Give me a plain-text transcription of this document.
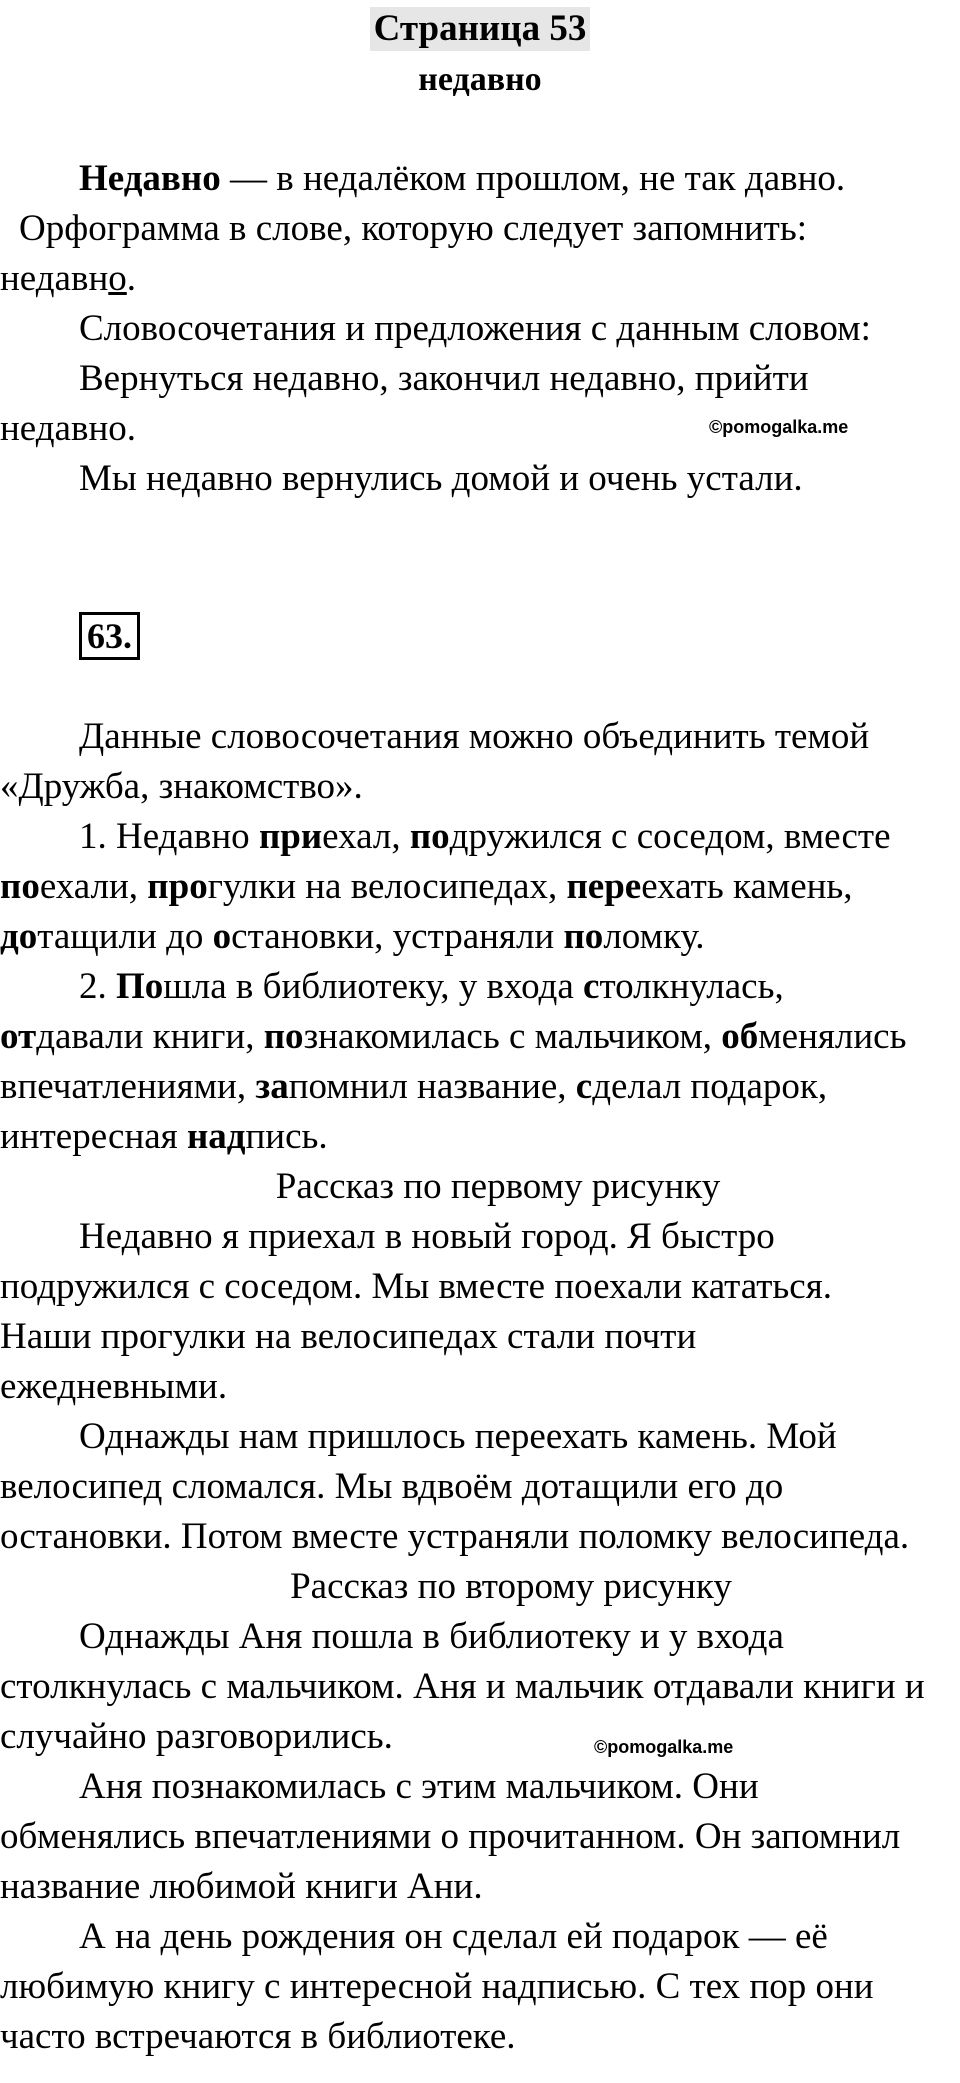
Страница 53
недавно

Недавно — в недалёком прошлом, не так давно.

Орфограмма в слове, которую следует запомнить:

недавно.

Словосочетания и предложения с данным словом:

Вернуться недавно, закончил недавно, прийти

недавно.	©pomogalka.me

Мы недавно вернулись домой и очень устали.

63.

Данные словосочетания можно объединить темой

«Дружба, знакомство».

1. Недавно приехал, подружился с соседом, вместе

поехали, прогулки на велосипедах, переехать камень,

дотащили до остановки, устраняли поломку.

2. Пошла в библиотеку, у входа столкнулась,

отдавали книги, познакомилась с мальчиком, обменялись

впечатлениями, запомнил название, сделал подарок,

интересная надпись.

Рассказ по первому рисунку

Недавно я приехал в новый город. Я быстро

подружился с соседом. Мы вместе поехали кататься.

Наши прогулки на велосипедах стали почти

ежедневными.

Однажды нам пришлось переехать камень. Мой

велосипед сломался. Мы вдвоём дотащили его до

остановки. Потом вместе устраняли поломку велосипеда.

Рассказ по второму рисунку

Однажды Аня пошла в библиотеку и у входа

столкнулась с мальчиком. Аня и мальчик отдавали книги и

случайно разговорились.	©pomogalka.me

Аня познакомилась с этим мальчиком. Они

обменялись впечатлениями о прочитанном. Он запомнил

название любимой книги Ани.

А на день рождения он сделал ей подарок — её

любимую книгу с интересной надписью. С тех пор они

часто встречаются в библиотеке.
